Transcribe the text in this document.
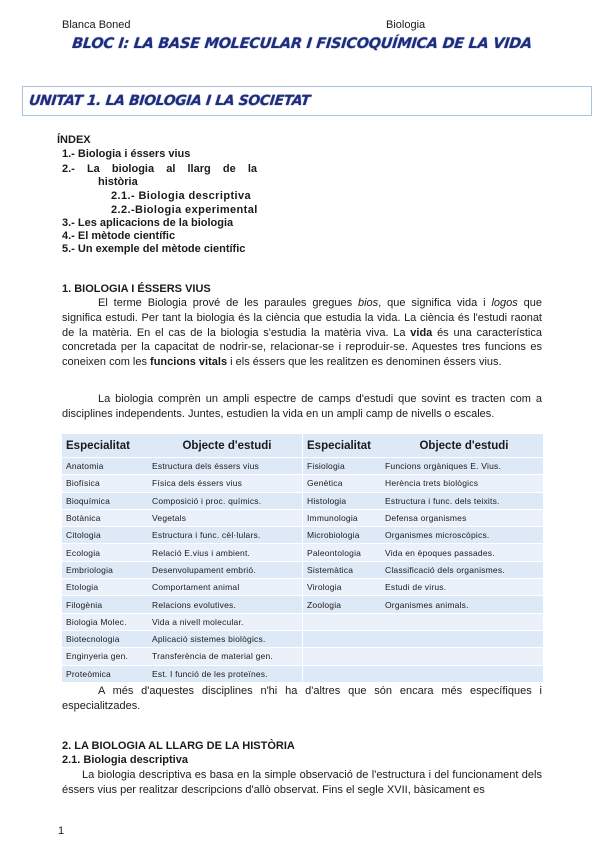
Blanca Boned	Biologia
BLOC I: LA BASE MOLECULAR I FISICOQUÍMICA DE LA VIDA
UNITAT 1. LA BIOLOGIA I LA SOCIETAT
ÍNDEX
1.- Biologia i éssers vius
2.- La biologia al llarg de la
història
2.1.- Biologia descriptiva
2.2.-Biologia experimental
3.- Les aplicacions de la biologia
4.- El mètode científic
5.- Un exemple del mètode científic
1. BIOLOGIA I ÉSSERS VIUS
El terme Biologia prové de les paraules gregues bios, que significa vida i logos que significa estudi. Per tant la biologia és la ciència que estudia la vida. La ciència és l'estudi raonat de la matèria. En el cas de la biologia s'estudia la matèria viva. La vida és una característica concretada per la capacitat de nodrir-se, relacionar-se i reproduir-se. Aquestes tres funcions es coneixen com les funcions vitals i els éssers que les realitzen es denominen éssers vius.
La biologia comprèn un ampli espectre de camps d'estudi que sovint es tracten com a disciplines independents. Juntes, estudien la vida en un ampli camp de nivells o escales.
Especialitat	Objecte d'estudi	Especialitat	Objecte d'estudi
Anatomia	Estructura dels éssers vius	Fisiologia	Funcions orgàniques E. Vius.
Biofísica	Física dels éssers vius	Genètica	Herència trets biològics
Bioquímica	Composició i proc. químics.	Histologia	Estructura i func. dels teixits.
Botànica	Vegetals	Immunologia	Defensa organismes
Citologia	Estructura i func. cèl·lulars.	Microbiologia	Organismes microscòpics.
Ecologia	Relació E.vius i ambient.	Paleontologia	Vida en èpoques passades.
Embriologia	Desenvolupament embrió.	Sistemàtica	Classificació dels organismes.
Etologia	Comportament animal	Virologia	Estudi de virus.
Filogènia	Relacions evolutives.	Zoologia	Organismes animals.
Biologia Molec.	Vida a nivell molecular.		
Biotecnologia	Aplicació sistemes biològics.		
Enginyeria gen.	Transferència de material gen.		
Proteòmica	Est. I funció de les proteïnes.		
A més d'aquestes disciplines n'hi ha d'altres que són encara més específiques i especialitzades.
2. LA BIOLOGIA AL LLARG DE LA HISTÒRIA
2.1. Biologia descriptiva
La biologia descriptiva es basa en la simple observació de l'estructura i del funcionament dels éssers vius per realitzar descripcions d'allò observat. Fins el segle XVII, bàsicament es
1
